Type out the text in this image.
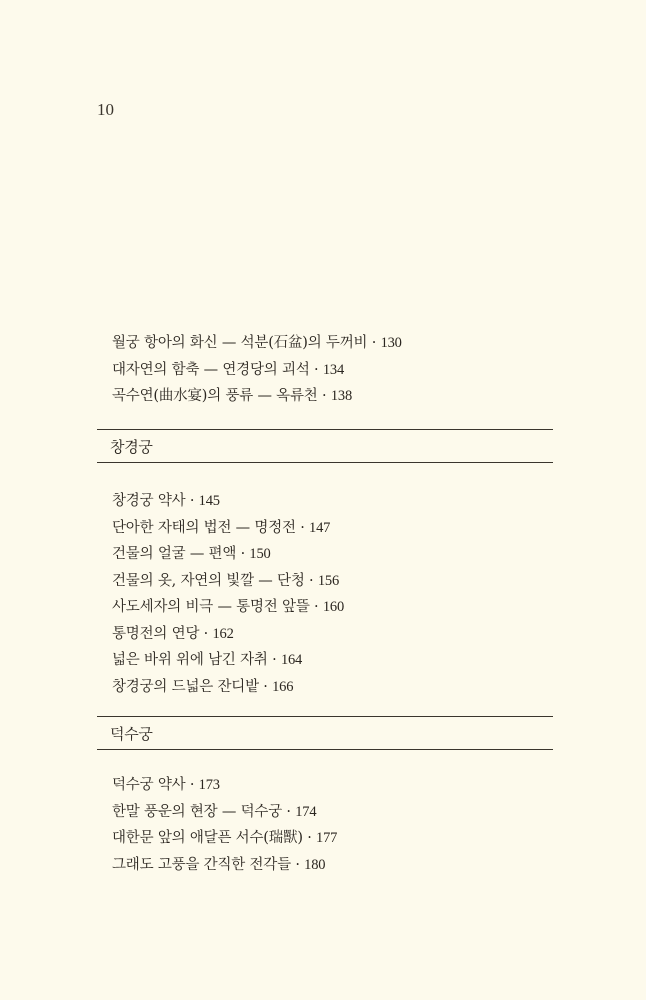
10
월궁 항아의 화신 — 석분(石盆)의 두꺼비 · 130
대자연의 함축 — 연경당의 괴석 · 134
곡수연(曲水宴)의 풍류 — 옥류천 · 138
창경궁
창경궁 약사 · 145
단아한 자태의 법전 — 명정전 · 147
건물의 얼굴 — 편액 · 150
건물의 옷, 자연의 빛깔 — 단청 · 156
사도세자의 비극 — 통명전 앞뜰 · 160
통명전의 연당 · 162
넓은 바위 위에 남긴 자취 · 164
창경궁의 드넓은 잔디밭 · 166
덕수궁
덕수궁 약사 · 173
한말 풍운의 현장 — 덕수궁 · 174
대한문 앞의 애달픈 서수(瑞獸) · 177
그래도 고풍을 간직한 전각들 · 180
